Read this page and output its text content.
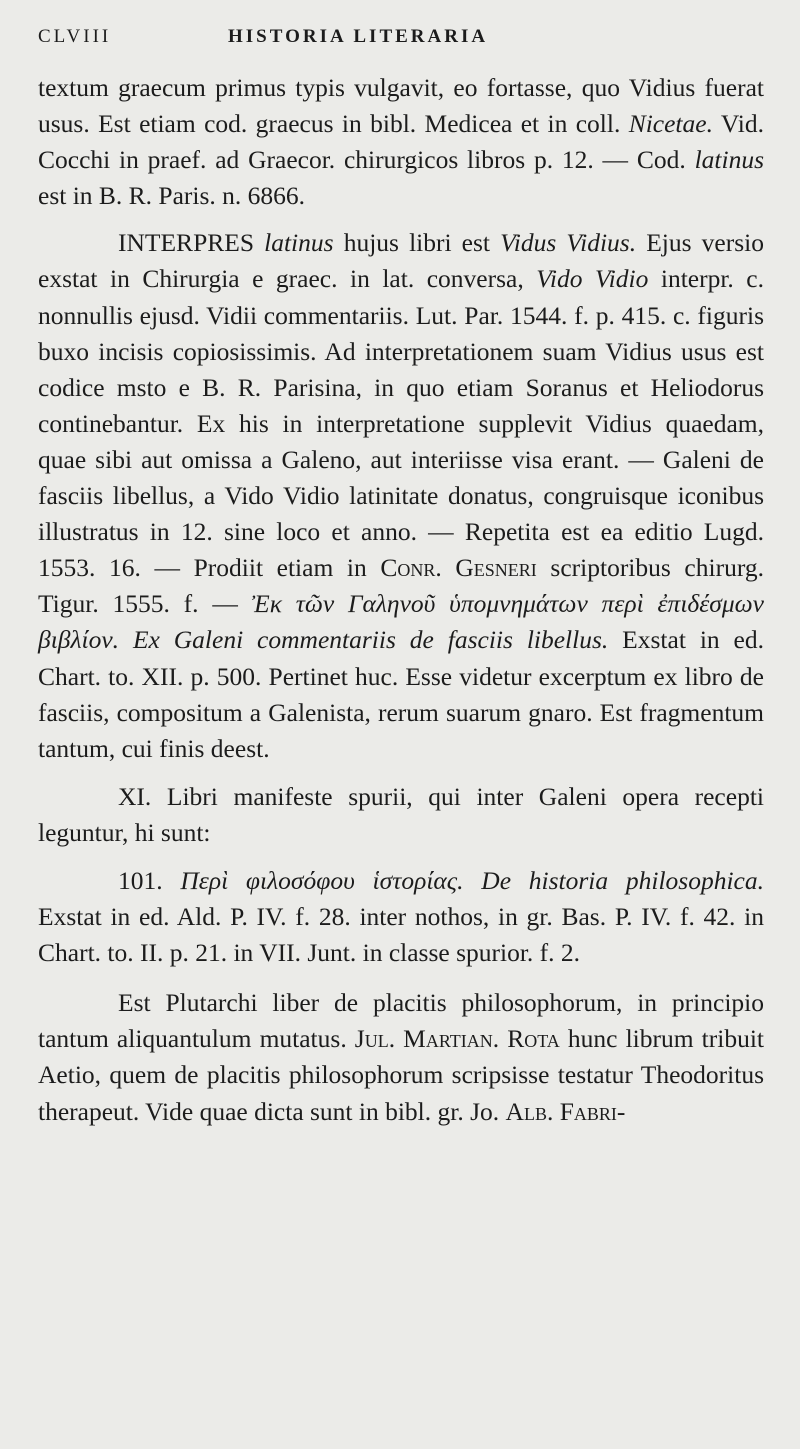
CLVIII	HISTORIA LITERARIA

textum graecum primus typis vulgavit, eo fortasse, quo Vidius fuerat usus. Est etiam cod. graecus in bibl. Medicea et in coll. Nicetae. Vid. Cocchi in praef. ad Graecor. chirurgicos libros p. 12. — Cod. latinus est in B. R. Paris. n. 6866.

INTERPRES latinus hujus libri est Vidus Vidius. Ejus versio exstat in Chirurgia e graec. in lat. conversa, Vido Vidio interpr. c. nonnullis ejusd. Vidii commentariis. Lut. Par. 1544. f. p. 415. c. figuris buxo incisis copiosissimis. Ad interpretationem suam Vidius usus est codice msto e B. R. Parisina, in quo etiam Soranus et Heliodorus continebantur. Ex his in interpretatione supplevit Vidius quaedam, quae sibi aut omissa a Galeno, aut interiisse visa erant. — Galeni de fasciis libellus, a Vido Vidio latinitate donatus, congruisque iconibus illustratus in 12. sine loco et anno. — Repetita est ea editio Lugd. 1553. 16. — Prodiit etiam in Conr. Gesneri scriptoribus chirurg. Tigur. 1555. f. — Ἐκ τῶν Γαληνοῦ ὑπομνημάτων περὶ ἐπιδέσμων βιβλίον. Ex Galeni commentariis de fasciis libellus. Exstat in ed. Chart. to. XII. p. 500. Pertinet huc. Esse videtur excerptum ex libro de fasciis, compositum a Galenista, rerum suarum gnaro. Est fragmentum tantum, cui finis deest.

XI. Libri manifeste spurii, qui inter Galeni opera recepti leguntur, hi sunt:

101. Περὶ φιλοσόφου ἱστορίας. De historia philosophica. Exstat in ed. Ald. P. IV. f. 28. inter nothos, in gr. Bas. P. IV. f. 42. in Chart. to. II. p. 21. in VII. Junt. in classe spurior. f. 2.

Est Plutarchi liber de placitis philosophorum, in principio tantum aliquantulum mutatus. Jul. Martian. Rota hunc librum tribuit Aetio, quem de placitis philosophorum scripsisse testatur Theodoritus therapeut. Vide quae dicta sunt in bibl. gr. Jo. Alb. Fabri-
